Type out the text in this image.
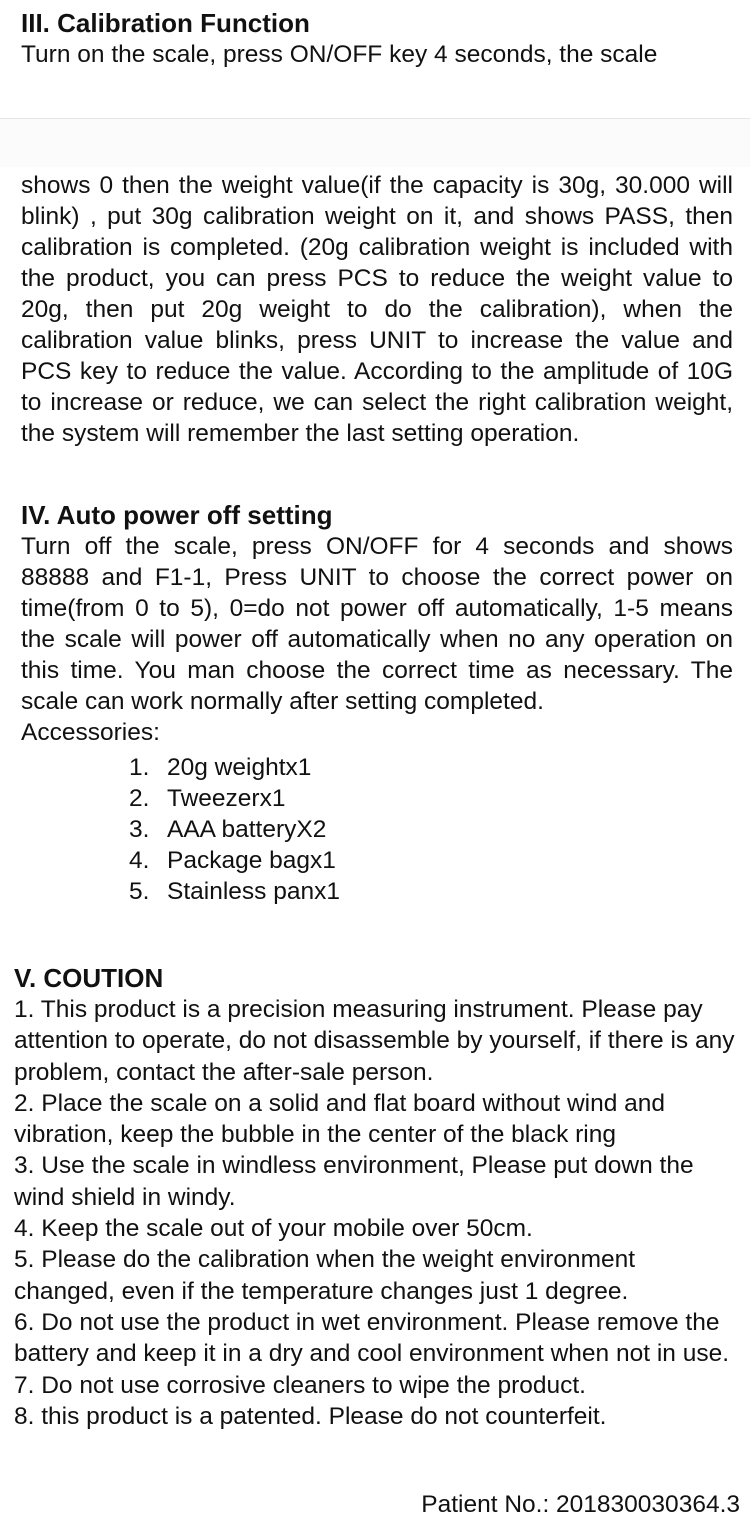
III. Calibration Function

Turn on the scale, press ON/OFF key 4 seconds, the scale

shows 0 then the weight value(if the capacity is 30g, 30.000 will blink) , put 30g calibration weight on it, and shows PASS, then calibration is completed. (20g calibration weight is included with the product, you can press PCS to reduce the weight value to 20g, then put 20g weight to do the calibration), when the calibration value blinks, press UNIT to increase the value and PCS key to reduce the value. According to the amplitude of 10G to increase or reduce, we can select the right calibration weight, the system will remember the last setting operation.

IV. Auto power off setting

Turn off the scale, press ON/OFF for 4 seconds and shows 88888 and F1-1, Press UNIT to choose the correct power on time(from 0 to 5), 0=do not power off automatically, 1-5 means the scale will power off automatically when no any operation on this time. You man choose the correct time as necessary. The scale can work normally after setting completed.

Accessories:

1. 20g weightx1
2. Tweezerx1
3. AAA batteryX2
4. Package bagx1
5. Stainless panx1
V. COUTION

1. This product is a precision measuring instrument. Please pay attention to operate, do not disassemble by yourself, if there is any problem, contact the after-sale person.

2. Place the scale on a solid and flat board without wind and vibration, keep the bubble in the center of the black ring

3. Use the scale in windless environment, Please put down the wind shield in windy.

4. Keep the scale out of your mobile over 50cm.

5. Please do the calibration when the weight environment changed, even if the temperature changes just 1 degree.

6. Do not use the product in wet environment. Please remove the battery and keep it in a dry and cool environment when not in use.

7. Do not use corrosive cleaners to wipe the product.

8. this product is a patented. Please do not counterfeit.

Patient No.: 201830030364.3
